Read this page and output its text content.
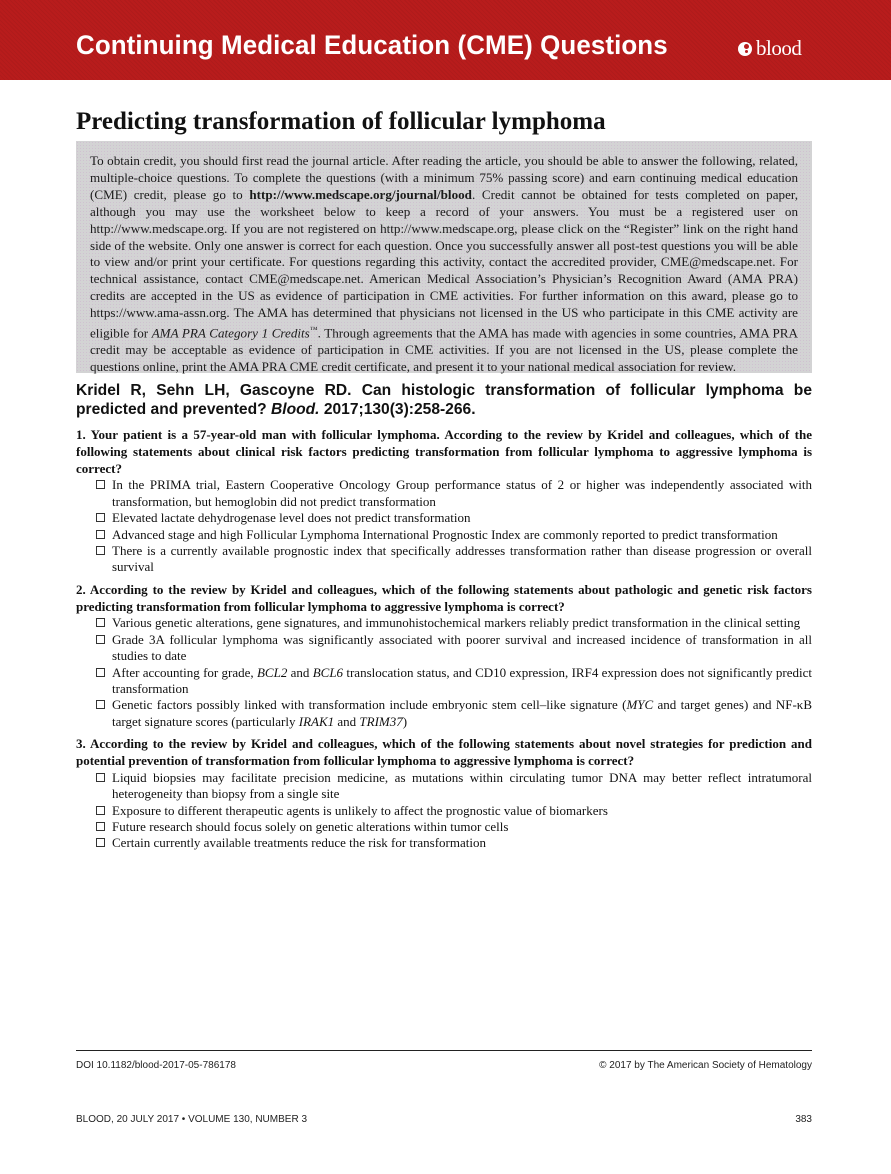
Continuing Medical Education (CME) Questions	blood
Predicting transformation of follicular lymphoma
To obtain credit, you should first read the journal article. After reading the article, you should be able to answer the following, related, multiple-choice questions. To complete the questions (with a minimum 75% passing score) and earn continuing medical education (CME) credit, please go to http://www.medscape.org/journal/blood. Credit cannot be obtained for tests completed on paper, although you may use the worksheet below to keep a record of your answers. You must be a registered user on http://www.medscape.org. If you are not registered on http://www.medscape.org, please click on the “Register” link on the right hand side of the website. Only one answer is correct for each question. Once you successfully answer all post-test questions you will be able to view and/or print your certificate. For questions regarding this activity, contact the accredited provider, CME@medscape.net. For technical assistance, contact CME@medscape.net. American Medical Association’s Physician’s Recognition Award (AMA PRA) credits are accepted in the US as evidence of participation in CME activities. For further information on this award, please go to https://www.ama-assn.org. The AMA has determined that physicians not licensed in the US who participate in this CME activity are eligible for AMA PRA Category 1 Credits™. Through agreements that the AMA has made with agencies in some countries, AMA PRA credit may be acceptable as evidence of participation in CME activities. If you are not licensed in the US, please complete the questions online, print the AMA PRA CME credit certificate, and present it to your national medical association for review.
Kridel R, Sehn LH, Gascoyne RD. Can histologic transformation of follicular lymphoma be
predicted and prevented? Blood. 2017;130(3):258-266.
1. Your patient is a 57-year-old man with follicular lymphoma. According to the review by Kridel and colleagues, which of the following statements about clinical risk factors predicting transformation from follicular lymphoma to aggressive lymphoma is correct?
In the PRIMA trial, Eastern Cooperative Oncology Group performance status of 2 or higher was independently associated with transformation, but hemoglobin did not predict transformation
Elevated lactate dehydrogenase level does not predict transformation
Advanced stage and high Follicular Lymphoma International Prognostic Index are commonly reported to predict transformation
There is a currently available prognostic index that specifically addresses transformation rather than disease progression or overall survival
2. According to the review by Kridel and colleagues, which of the following statements about pathologic and genetic risk factors predicting transformation from follicular lymphoma to aggressive lymphoma is correct?
Various genetic alterations, gene signatures, and immunohistochemical markers reliably predict transformation in the clinical setting
Grade 3A follicular lymphoma was significantly associated with poorer survival and increased incidence of transformation in all studies to date
After accounting for grade, BCL2 and BCL6 translocation status, and CD10 expression, IRF4 expression does not significantly predict transformation
Genetic factors possibly linked with transformation include embryonic stem cell–like signature (MYC and target genes) and NF-κB target signature scores (particularly IRAK1 and TRIM37)
3. According to the review by Kridel and colleagues, which of the following statements about novel strategies for prediction and potential prevention of transformation from follicular lymphoma to aggressive lymphoma is correct?
Liquid biopsies may facilitate precision medicine, as mutations within circulating tumor DNA may better reflect intratumoral heterogeneity than biopsy from a single site
Exposure to different therapeutic agents is unlikely to affect the prognostic value of biomarkers
Future research should focus solely on genetic alterations within tumor cells
Certain currently available treatments reduce the risk for transformation
DOI 10.1182/blood-2017-05-786178	© 2017 by The American Society of Hematology
BLOOD, 20 JULY 2017 • VOLUME 130, NUMBER 3	383
